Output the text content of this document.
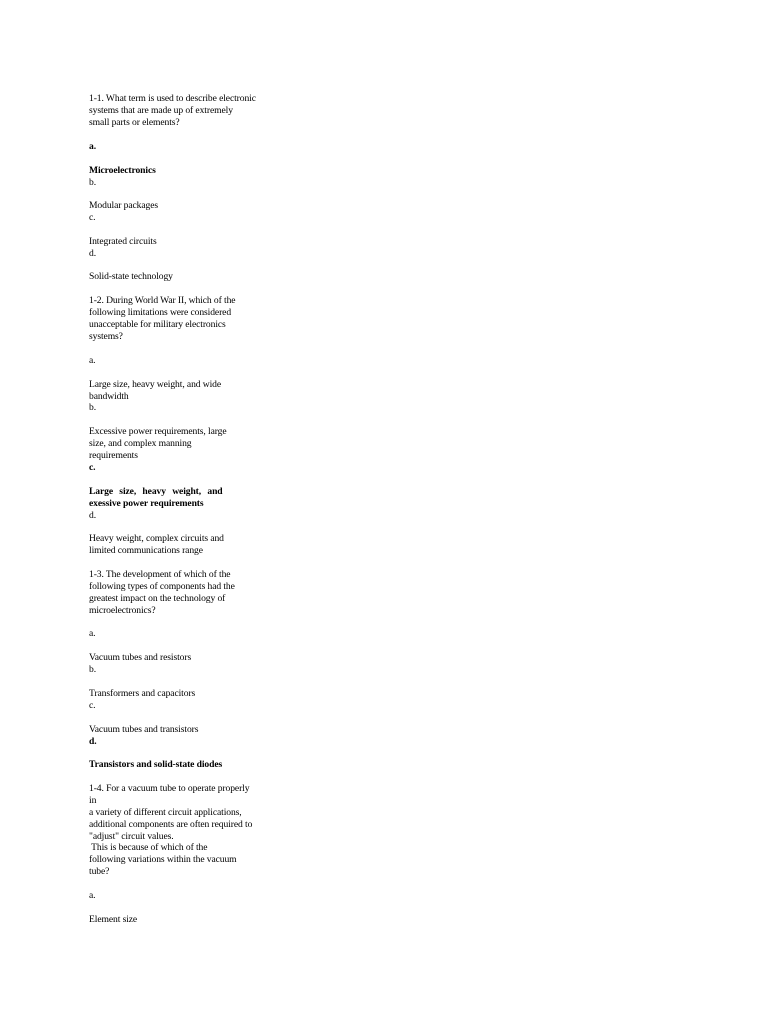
1-1. What term is used to describe electronic
systems that are made up of extremely
small parts or elements?
a.
Microelectronics
b.
Modular packages
c.
Integrated circuits
d.
Solid-state technology
1-2. During World War II, which of the
following limitations were considered
unacceptable for military electronics
systems?
a.
Large size, heavy weight, and wide
bandwidth
b.
Excessive power requirements, large
size, and complex manning
requirements
c.
Large size, heavy weight, and
exessive power requirements
d.
Heavy weight, complex circuits and
limited communications range
1-3. The development of which of the
following types of components had the
greatest impact on the technology of
microelectronics?
a.
Vacuum tubes and resistors
b.
Transformers and capacitors
c.
Vacuum tubes and transistors
d.
Transistors and solid-state diodes
1-4. For a vacuum tube to operate properly
in
a variety of different circuit applications,
additional components are often required to
"adjust" circuit values.
This is because of which of the
following variations within the vacuum
tube?
a.
Element size
